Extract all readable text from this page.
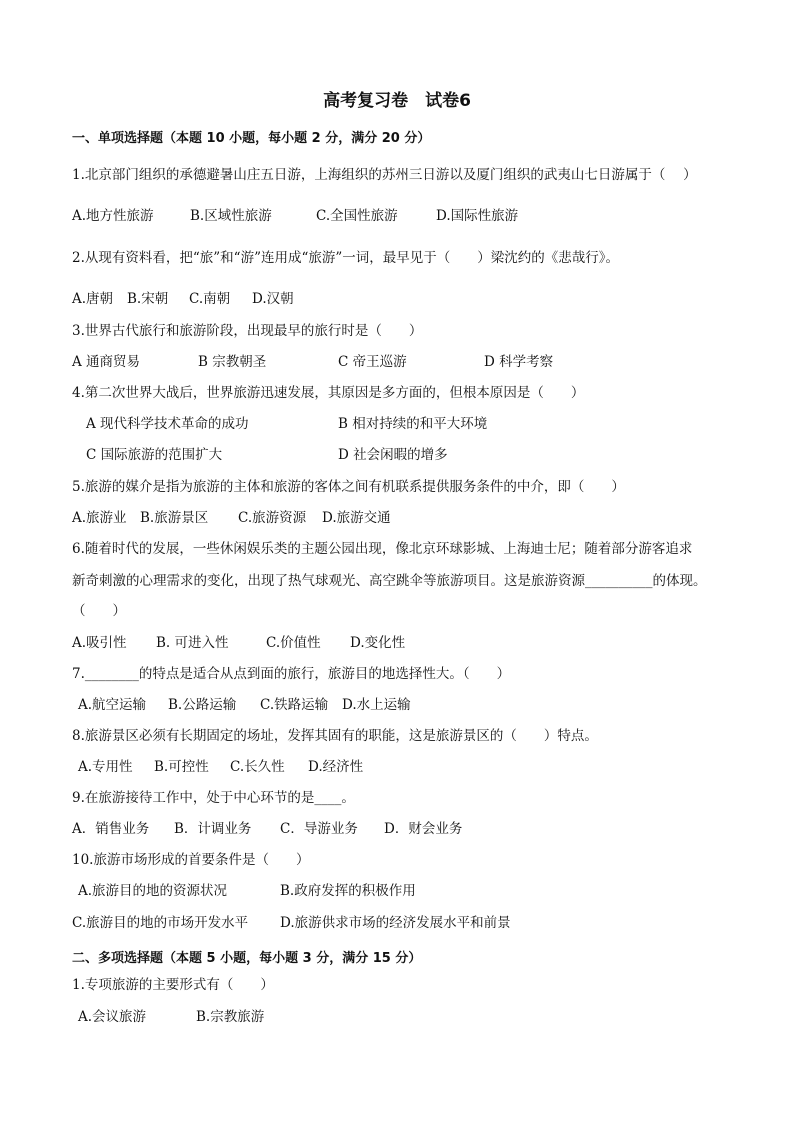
高考复习卷　试卷6
一、单项选择题（本题 10 小题，每小题 2 分，满分 20 分）
1.北京部门组织的承德避暑山庄五日游，上海组织的苏州三日游以及厦门组织的武夷山七日游属于（　 ）
A.地方性旅游	B.区域性旅游	C.全国性旅游	D.国际性旅游
2.从现有资料看，把“旅”和“游”连用成“旅游”一词，最早见于（　　）梁沈约的《悲哉行》。
A.唐朝 B.宋朝 C.南朝 D.汉朝
3.世界古代旅行和旅游阶段，出现最早的旅行时是（　　）
A 通商贸易	B 宗教朝圣	C 帝王巡游	D 科学考察
4.第二次世界大战后，世界旅游迅速发展，其原因是多方面的，但根本原因是（　　）
A 现代科学技术革命的成功	B 相对持续的和平大环境
C 国际旅游的范围扩大	D 社会闲暇的增多
5.旅游的媒介是指为旅游的主体和旅游的客体之间有机联系提供服务条件的中介，即（　　）
A.旅游业 B.旅游景区 C.旅游资源 D.旅游交通
6.随着时代的发展，一些休闲娱乐类的主题公园出现，像北京环球影城、上海迪士尼；随着部分游客追求
新奇刺激的心理需求的变化，出现了热气球观光、高空跳伞等旅游项目。这是旅游资源__________的体现。
（　　）
A.吸引性 B. 可进入性	C.价值性 D.变化性
7.________的特点是适合从点到面的旅行，旅游目的地选择性大。（　　）
A.航空运输 B.公路运输 C.铁路运输 D.水上运输
8.旅游景区必须有长期固定的场址，发挥其固有的职能，这是旅游景区的（　　）特点。
A.专用性 B.可控性 C.长久性 D.经济性
9.在旅游接待工作中，处于中心环节的是____。
A．销售业务 B．计调业务 C．导游业务 D．财会业务
10.旅游市场形成的首要条件是（　　）
A.旅游目的地的资源状况	B.政府发挥的积极作用
C.旅游目的地的市场开发水平 D.旅游供求市场的经济发展水平和前景
二、多项选择题（本题 5 小题，每小题 3 分，满分 15 分）
1.专项旅游的主要形式有（　　）
A.会议旅游	B.宗教旅游
